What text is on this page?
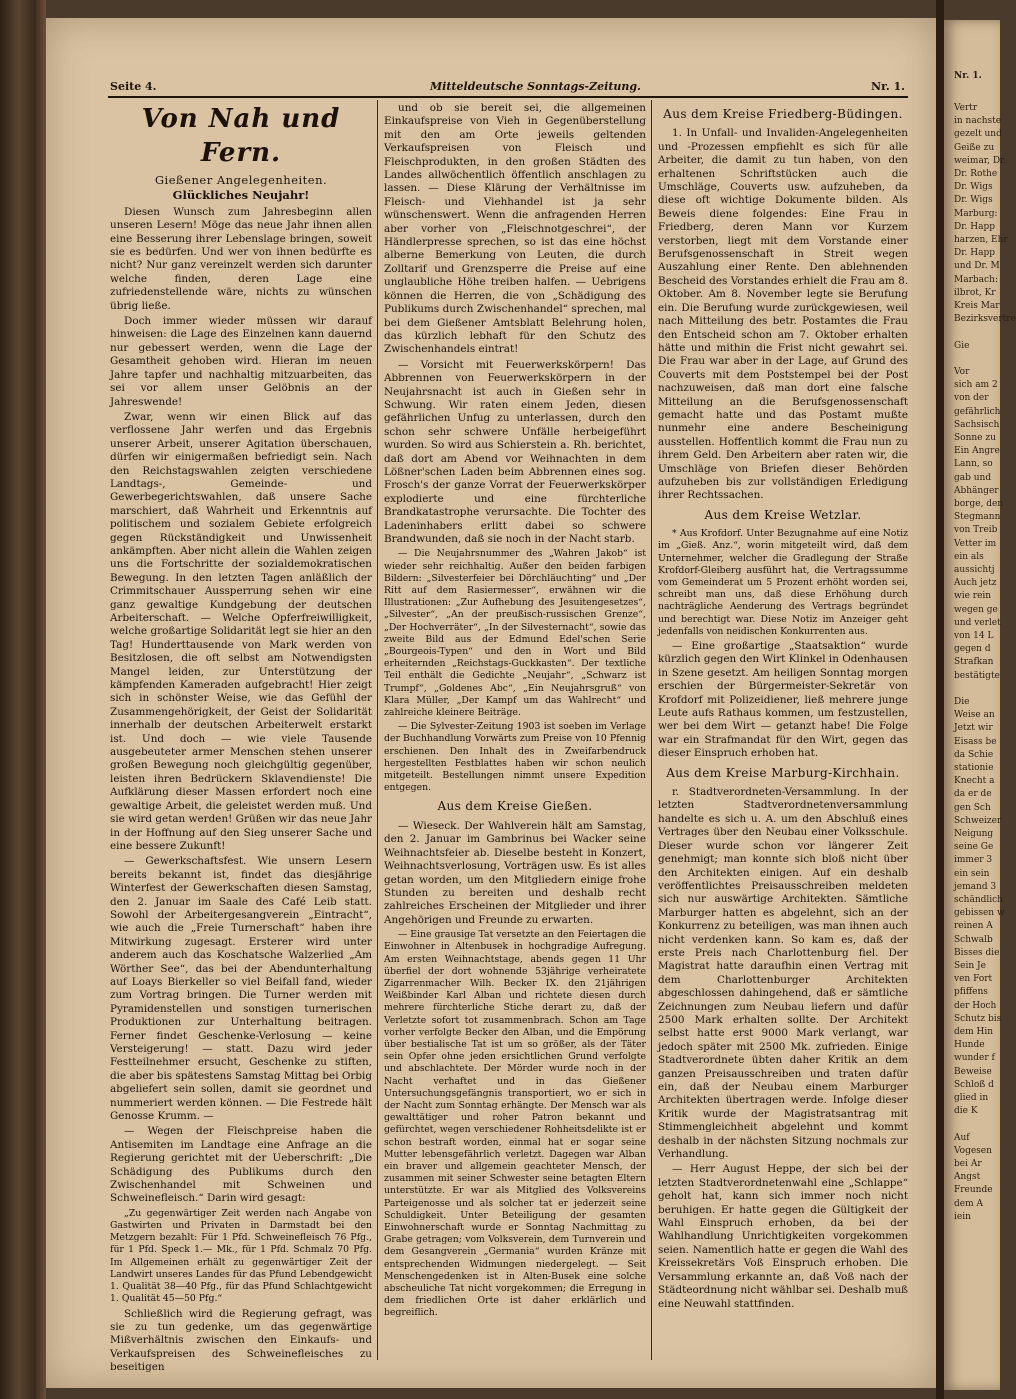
Nr. 1.
Vertr
in nachste
gezelt und
Geiße zu
weimar, Dr.
Dr. Rothe
Dr. Wigs
Dr. Wigs
Marburg:
Dr. Happ
harzen, Ehr
Dr. Happ
und Dr. M
Marbach:
ilbrot, Kr
Kreis Mar
Bezirksvertre
Gie
Vor
sich am 2
von der
gefährlich
Sachsisch
Sonne zu
Ein Angre
Lann, so
gab und
Abhänger
borge, den
Stegmann
von Treib
Vetter im
ein als
aussichtj
Auch jetz
wie rein
wegen ge
und verlet
von 14 L
gegen d
Strafkan
bestätigte
Die
Weise an
Jetzt wir
Eisass be
da Schie
stationie
Knecht a
da er de
gen Sch
Schweizer
Neigung
seine Ge
immer 3
ein sein
jemand 3
schändlich
gebissen w
reinen A
Schwalb
Bisses die
Sein Je
ven Fort
pfiffens
der Hoch
Schutz bis
dem Hin
Hunde
wunder f
Beweise
Schloß d
glied in
die K
Auf
Vogesen
bei Ar
Angst
Freunde
dem A
iein
Seite 4.	Mitteldeutsche Sonntags-Zeitung.	Nr. 1.
Von Nah und Fern.
Gießener Angelegenheiten.
Glückliches Neujahr!

Diesen Wunsch zum Jahresbeginn allen unseren Lesern! Möge das neue Jahr ihnen allen eine Besserung ihrer Lebenslage bringen, soweit sie es bedürfen. Und wer von ihnen bedürfte es nicht? Nur ganz vereinzelt werden sich darunter welche finden, deren Lage eine zufriedenstellende wäre, nichts zu wünschen übrig ließe.

Doch immer wieder müssen wir darauf hinweisen: die Lage des Einzelnen kann dauernd nur gebessert werden, wenn die Lage der Gesamtheit gehoben wird. Hieran im neuen Jahre tapfer und nachhaltig mitzuarbeiten, das sei vor allem unser Gelöbnis an der Jahreswende!

Zwar, wenn wir einen Blick auf das verflossene Jahr werfen und das Ergebnis unserer Arbeit, unserer Agitation überschauen, dürfen wir einigermaßen befriedigt sein. Nach den Reichstagswahlen zeigten verschiedene Landtags-, Gemeinde- und Gewerbegerichtswahlen, daß unsere Sache marschiert, daß Wahrheit und Erkenntnis auf politischem und sozialem Gebiete erfolgreich gegen Rückständigkeit und Unwissenheit ankämpften. Aber nicht allein die Wahlen zeigen uns die Fortschritte der sozialdemokratischen Bewegung. In den letzten Tagen anläßlich der Crimmitschauer Aussperrung sehen wir eine ganz gewaltige Kundgebung der deutschen Arbeiterschaft. — Welche Opferfreiwilligkeit, welche großartige Solidarität legt sie hier an den Tag! Hunderttausende von Mark werden von Besitzlosen, die oft selbst am Notwendigsten Mangel leiden, zur Unterstützung der kämpfenden Kameraden aufgebracht! Hier zeigt sich in schönster Weise, wie das Gefühl der Zusammengehörigkeit, der Geist der Solidarität innerhalb der deutschen Arbeiterwelt erstarkt ist. Und doch — wie viele Tausende ausgebeuteter armer Menschen stehen unserer großen Bewegung noch gleichgültig gegenüber, leisten ihren Bedrückern Sklavendienste! Die Aufklärung dieser Massen erfordert noch eine gewaltige Arbeit, die geleistet werden muß. Und sie wird getan werden! Grüßen wir das neue Jahr in der Hoffnung auf den Sieg unserer Sache und eine bessere Zukunft!

— Gewerkschaftsfest. Wie unsern Lesern bereits bekannt ist, findet das diesjährige Winterfest der Gewerkschaften diesen Samstag, den 2. Januar im Saale des Café Leib statt. Sowohl der Arbeitergesangverein „Eintracht“, wie auch die „Freie Turnerschaft“ haben ihre Mitwirkung zugesagt. Ersterer wird unter anderem auch das Koschatsche Walzerlied „Am Wörther See“, das bei der Abendunterhaltung auf Loays Bierkeller so viel Beifall fand, wieder zum Vortrag bringen. Die Turner werden mit Pyramidenstellen und sonstigen turnerischen Produktionen zur Unterhaltung beitragen. Ferner findet Geschenke-Verlosung — keine Versteigerung! — statt. Dazu wird jeder Festteilnehmer ersucht, Geschenke zu stiften, die aber bis spätestens Samstag Mittag bei Orbig abgeliefert sein sollen, damit sie geordnet und nummeriert werden können. — Die Festrede hält Genosse Krumm. —

— Wegen der Fleischpreise haben die Antisemiten im Landtage eine Anfrage an die Regierung gerichtet mit der Ueberschrift: „Die Schädigung des Publikums durch den Zwischenhandel mit Schweinen und Schweinefleisch.“ Darin wird gesagt:

„Zu gegenwärtiger Zeit werden nach Angabe von Gastwirten und Privaten in Darmstadt bei den Metzgern bezahlt: Für 1 Pfd. Schweinefleisch 76 Pfg., für 1 Pfd. Speck 1.— Mk., für 1 Pfd. Schmalz 70 Pfg. Im Allgemeinen erhält zu gegenwärtiger Zeit der Landwirt unseres Landes für das Pfund Lebendgewicht 1. Qualität 38—40 Pfg., für das Pfund Schlachtgewicht 1. Qualität 45—50 Pfg.“

Schließlich wird die Regierung gefragt, was sie zu tun gedenke, um das gegenwärtige Mißverhältnis zwischen den Einkaufs- und Verkaufspreisen des Schweinefleisches zu beseitigen

und ob sie bereit sei, die allgemeinen Einkaufspreise von Vieh in Gegenüberstellung mit den am Orte jeweils geltenden Verkaufspreisen von Fleisch und Fleischprodukten, in den großen Städten des Landes allwöchentlich öffentlich anschlagen zu lassen. — Diese Klärung der Verhältnisse im Fleisch- und Viehhandel ist ja sehr wünschenswert. Wenn die anfragenden Herren aber vorher von „Fleischnotgeschrei“, der Händlerpresse sprechen, so ist das eine höchst alberne Bemerkung von Leuten, die durch Zolltarif und Grenzsperre die Preise auf eine unglaubliche Höhe treiben halfen. — Uebrigens können die Herren, die von „Schädigung des Publikums durch Zwischenhandel“ sprechen, mal bei dem Gießener Amtsblatt Belehrung holen, das kürzlich lebhaft für den Schutz des Zwischenhandels eintrat!

— Vorsicht mit Feuerwerkskörpern! Das Abbrennen von Feuerwerkskörpern in der Neujahrsnacht ist auch in Gießen sehr in Schwung. Wir raten einem Jeden, diesen gefährlichen Unfug zu unterlassen, durch den schon sehr schwere Unfälle herbeigeführt wurden. So wird aus Schierstein a. Rh. berichtet, daß dort am Abend vor Weihnachten in dem Lößner'schen Laden beim Abbrennen eines sog. Frosch's der ganze Vorrat der Feuerwerkskörper explodierte und eine fürchterliche Brandkatastrophe verursachte. Die Tochter des Ladeninhabers erlitt dabei so schwere Brandwunden, daß sie noch in der Nacht starb.

— Die Neujahrsnummer des „Wahren Jakob“ ist wieder sehr reichhaltig. Außer den beiden farbigen Bildern: „Silvesterfeier bei Dörchläuchting“ und „Der Ritt auf dem Rasiermesser“, erwähnen wir die Illustrationen: „Zur Aufhebung des Jesuitengesetzes“, „Silvester“, „An der preußisch-russischen Grenze“, „Der Hochverräter“, „In der Silvesternacht“, sowie das zweite Bild aus der Edmund Edel'schen Serie „Bourgeois-Typen“ und den in Wort und Bild erheiternden „Reichstags-Guckkasten“. Der textliche Teil enthält die Gedichte „Neujahr“, „Schwarz ist Trumpf“, „Goldenes Abc“, „Ein Neujahrsgruß“ von Klara Müller, „Der Kampf um das Wahlrecht“ und zahlreiche kleinere Beiträge.

— Die Sylvester-Zeitung 1903 ist soeben im Verlage der Buchhandlung Vorwärts zum Preise von 10 Pfennig erschienen. Den Inhalt des in Zweifarbendruck hergestellten Festblattes haben wir schon neulich mitgeteilt. Bestellungen nimmt unsere Expedition entgegen.

Aus dem Kreise Gießen.

— Wieseck. Der Wahlverein hält am Samstag, den 2. Januar im Gambrinus bei Wacker seine Weihnachtsfeier ab. Dieselbe besteht in Konzert, Weihnachtsverlosung, Vorträgen usw. Es ist alles getan worden, um den Mitgliedern einige frohe Stunden zu bereiten und deshalb recht zahlreiches Erscheinen der Mitglieder und ihrer Angehörigen und Freunde zu erwarten.

— Eine grausige Tat versetzte an den Feiertagen die Einwohner in Altenbusek in hochgradige Aufregung. Am ersten Weihnachtstage, abends gegen 11 Uhr überfiel der dort wohnende 53jährige verheiratete Zigarrenmacher Wilh. Becker IX. den 21jährigen Weißbinder Karl Alban und richtete diesen durch mehrere fürchterliche Stiche derart zu, daß der Verletzte sofort tot zusammenbrach. Schon am Tage vorher verfolgte Becker den Alban, und die Empörung über bestialische Tat ist um so größer, als der Täter sein Opfer ohne jeden ersichtlichen Grund verfolgte und abschlachtete. Der Mörder wurde noch in der Nacht verhaftet und in das Gießener Untersuchungsgefängnis transportiert, wo er sich in der Nacht zum Sonntag erhängte. Der Mensch war als gewalttätiger und roher Patron bekannt und gefürchtet, wegen verschiedener Rohheitsdelikte ist er schon bestraft worden, einmal hat er sogar seine Mutter lebensgefährlich verletzt. Dagegen war Alban ein braver und allgemein geachteter Mensch, der zusammen mit seiner Schwester seine betagten Eltern unterstützte. Er war als Mitglied des Volksvereins Parteigenosse und als solcher tat er jederzeit seine Schuldigkeit. Unter Beteiligung der gesamten Einwohnerschaft wurde er Sonntag Nachmittag zu Grabe getragen; vom Volksverein, dem Turnverein und dem Gesangverein „Germania“ wurden Kränze mit entsprechenden Widmungen niedergelegt. — Seit Menschengedenken ist in Alten-Busek eine solche abscheuliche Tat nicht vorgekommen; die Erregung in dem friedlichen Orte ist daher erklärlich und begreiflich.

Aus dem Kreise Friedberg-Büdingen.

1. In Unfall- und Invaliden-Angelegenheiten und -Prozessen empfiehlt es sich für alle Arbeiter, die damit zu tun haben, von den erhaltenen Schriftstücken auch die Umschläge, Couverts usw. aufzuheben, da diese oft wichtige Dokumente bilden. Als Beweis diene folgendes: Eine Frau in Friedberg, deren Mann vor Kurzem verstorben, liegt mit dem Vorstande einer Berufsgenossenschaft in Streit wegen Auszahlung einer Rente. Den ablehnenden Bescheid des Vorstandes erhielt die Frau am 8. Oktober. Am 8. November legte sie Berufung ein. Die Berufung wurde zurückgewiesen, weil nach Mitteilung des betr. Postamtes die Frau den Entscheid schon am 7. Oktober erhalten hätte und mithin die Frist nicht gewahrt sei. Die Frau war aber in der Lage, auf Grund des Couverts mit dem Poststempel bei der Post nachzuweisen, daß man dort eine falsche Mitteilung an die Berufsgenossenschaft gemacht hatte und das Postamt mußte nunmehr eine andere Bescheinigung ausstellen. Hoffentlich kommt die Frau nun zu ihrem Geld. Den Arbeitern aber raten wir, die Umschläge von Briefen dieser Behörden aufzuheben bis zur vollständigen Erledigung ihrer Rechtssachen.

Aus dem Kreise Wetzlar.

* Aus Krofdorf. Unter Bezugnahme auf eine Notiz im „Gieß. Anz.“, worin mitgeteilt wird, daß dem Unternehmer, welcher die Gradlegung der Straße Krofdorf-Gleiberg ausführt hat, die Vertragssumme vom Gemeinderat um 5 Prozent erhöht worden sei, schreibt man uns, daß diese Erhöhung durch nachträgliche Aenderung des Vertrags begründet und berechtigt war. Diese Notiz im Anzeiger geht jedenfalls von neidischen Konkurrenten aus.

— Eine großartige „Staatsaktion“ wurde kürzlich gegen den Wirt Klinkel in Odenhausen in Szene gesetzt. Am heiligen Sonntag morgen erschien der Bürgermeister-Sekretär von Krofdorf mit Polizeidiener, ließ mehrere junge Leute aufs Rathaus kommen, um festzustellen, wer bei dem Wirt — getanzt habe! Die Folge war ein Strafmandat für den Wirt, gegen das dieser Einspruch erhoben hat.

Aus dem Kreise Marburg-Kirchhain.

r. Stadtverordneten-Versammlung. In der letzten Stadtverordnetenversammlung handelte es sich u. A. um den Abschluß eines Vertrages über den Neubau einer Volksschule. Dieser wurde schon vor längerer Zeit genehmigt; man konnte sich bloß nicht über den Architekten einigen. Auf ein deshalb veröffentlichtes Preisausschreiben meldeten sich nur auswärtige Architekten. Sämtliche Marburger hatten es abgelehnt, sich an der Konkurrenz zu beteiligen, was man ihnen auch nicht verdenken kann. So kam es, daß der erste Preis nach Charlottenburg fiel. Der Magistrat hatte daraufhin einen Vertrag mit dem Charlottenburger Architekten abgeschlossen dahingehend, daß er sämtliche Zeichnungen zum Neubau liefern und dafür 2500 Mark erhalten sollte. Der Architekt selbst hatte erst 9000 Mark verlangt, war jedoch später mit 2500 Mk. zufrieden. Einige Stadtverordnete übten daher Kritik an dem ganzen Preisausschreiben und traten dafür ein, daß der Neubau einem Marburger Architekten übertragen werde. Infolge dieser Kritik wurde der Magistratsantrag mit Stimmengleichheit abgelehnt und kommt deshalb in der nächsten Sitzung nochmals zur Verhandlung.

— Herr August Heppe, der sich bei der letzten Stadtverordnetenwahl eine „Schlappe“ geholt hat, kann sich immer noch nicht beruhigen. Er hatte gegen die Gültigkeit der Wahl Einspruch erhoben, da bei der Wahlhandlung Unrichtigkeiten vorgekommen seien. Namentlich hatte er gegen die Wahl des Kreissekretärs Voß Einspruch erhoben. Die Versammlung erkannte an, daß Voß nach der Städteordnung nicht wählbar sei. Deshalb muß eine Neuwahl stattfinden.
